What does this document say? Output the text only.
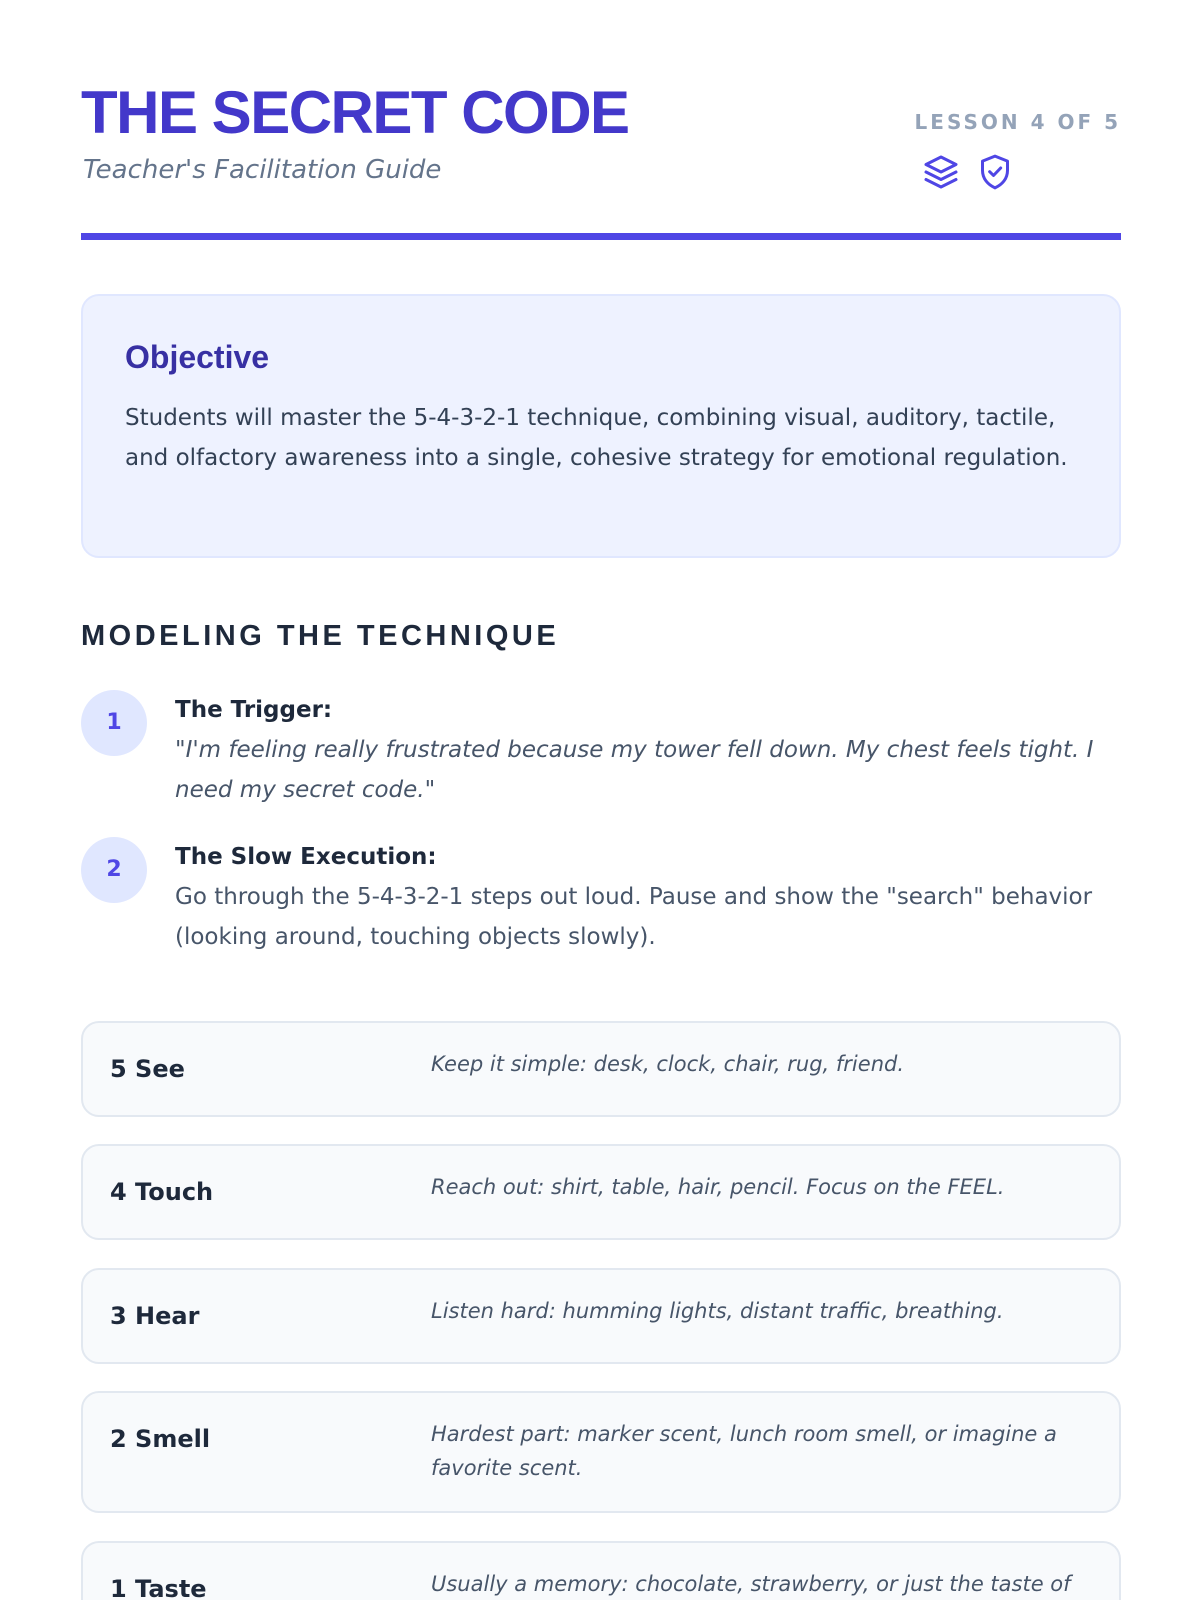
THE SECRET CODE
Teacher's Facilitation Guide
LESSON 4 OF 5
Objective

Students will master the 5-4-3-2-1 technique, combining visual, auditory, tactile, and olfactory awareness into a single, cohesive strategy for emotional regulation.

MODELING THE TECHNIQUE
1	The Trigger:
"I'm feeling really frustrated because my tower fell down. My chest feels tight. I need my secret code."
2	The Slow Execution:
Go through the 5-4-3-2-1 steps out loud. Pause and show the "search" behavior (looking around, touching objects slowly).
5 See	Keep it simple: desk, clock, chair, rug, friend.
4 Touch	Reach out: shirt, table, hair, pencil. Focus on the FEEL.
3 Hear	Listen hard: humming lights, distant traffic, breathing.
2 Smell	Hardest part: marker scent, lunch room smell, or imagine a favorite scent.
1 Taste	Usually a memory: chocolate, strawberry, or just the taste of
